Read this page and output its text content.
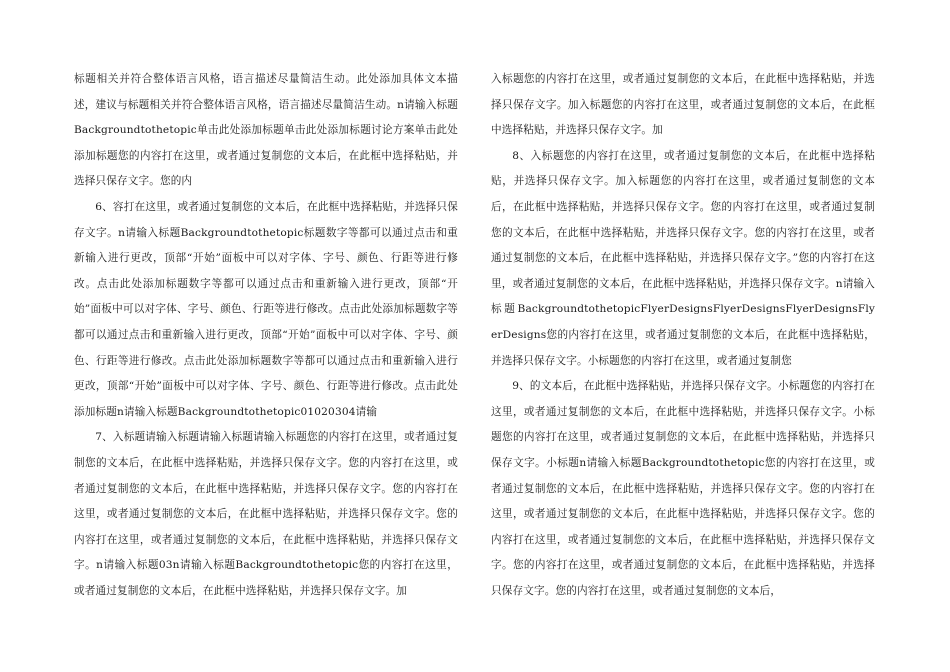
标题相关并符合整体语言风格，语言描述尽量简洁生动。此处添加具体文本描述，建议与标题相关并符合整体语言风格，语言描述尽量简洁生动。n请输入标题Backgroundtothetopic单击此处添加标题单击此处添加标题讨论方案单击此处添加标题您的内容打在这里，或者通过复制您的文本后，在此框中选择粘贴，并选择只保存文字。您的内

6、容打在这里，或者通过复制您的文本后，在此框中选择粘贴，并选择只保存文字。n请输入标题Backgroundtothetopic标题数字等都可以通过点击和重新输入进行更改，顶部“开始”面板中可以对字体、字号、颜色、行距等进行修改。点击此处添加标题数字等都可以通过点击和重新输入进行更改，顶部“开始”面板中可以对字体、字号、颜色、行距等进行修改。点击此处添加标题数字等都可以通过点击和重新输入进行更改，顶部“开始”面板中可以对字体、字号、颜色、行距等进行修改。点击此处添加标题数字等都可以通过点击和重新输入进行更改，顶部“开始”面板中可以对字体、字号、颜色、行距等进行修改。点击此处添加标题n请输入标题Backgroundtothetopic01020304请输

7、入标题请输入标题请输入标题请输入标题您的内容打在这里，或者通过复制您的文本后，在此框中选择粘贴，并选择只保存文字。您的内容打在这里，或者通过复制您的文本后，在此框中选择粘贴，并选择只保存文字。您的内容打在这里，或者通过复制您的文本后，在此框中选择粘贴，并选择只保存文字。您的内容打在这里，或者通过复制您的文本后，在此框中选择粘贴，并选择只保存文字。n请输入标题03n请输入标题Backgroundtothetopic您的内容打在这里，或者通过复制您的文本后，在此框中选择粘贴，并选择只保存文字。加

入标题您的内容打在这里，或者通过复制您的文本后，在此框中选择粘贴，并选择只保存文字。加入标题您的内容打在这里，或者通过复制您的文本后，在此框中选择粘贴，并选择只保存文字。加

8、入标题您的内容打在这里，或者通过复制您的文本后，在此框中选择粘贴，并选择只保存文字。加入标题您的内容打在这里，或者通过复制您的文本后，在此框中选择粘贴，并选择只保存文字。您的内容打在这里，或者通过复制您的文本后，在此框中选择粘贴，并选择只保存文字。您的内容打在这里，或者通过复制您的文本后，在此框中选择粘贴，并选择只保存文字。”您的内容打在这里，或者通过复制您的文本后，在此框中选择粘贴，并选择只保存文字。n请输入标题BackgroundtothetopicFlyerDesignsFlyerDesignsFlyerDesignsFlyerDesigns您的内容打在这里，或者通过复制您的文本后，在此框中选择粘贴，并选择只保存文字。小标题您的内容打在这里，或者通过复制您

9、的文本后，在此框中选择粘贴，并选择只保存文字。小标题您的内容打在这里，或者通过复制您的文本后，在此框中选择粘贴，并选择只保存文字。小标题您的内容打在这里，或者通过复制您的文本后，在此框中选择粘贴，并选择只保存文字。小标题n请输入标题Backgroundtothetopic您的内容打在这里，或者通过复制您的文本后，在此框中选择粘贴，并选择只保存文字。您的内容打在这里，或者通过复制您的文本后，在此框中选择粘贴，并选择只保存文字。您的内容打在这里，或者通过复制您的文本后，在此框中选择粘贴，并选择只保存文字。您的内容打在这里，或者通过复制您的文本后，在此框中选择粘贴，并选择只保存文字。您的内容打在这里，或者通过复制您的文本后，
